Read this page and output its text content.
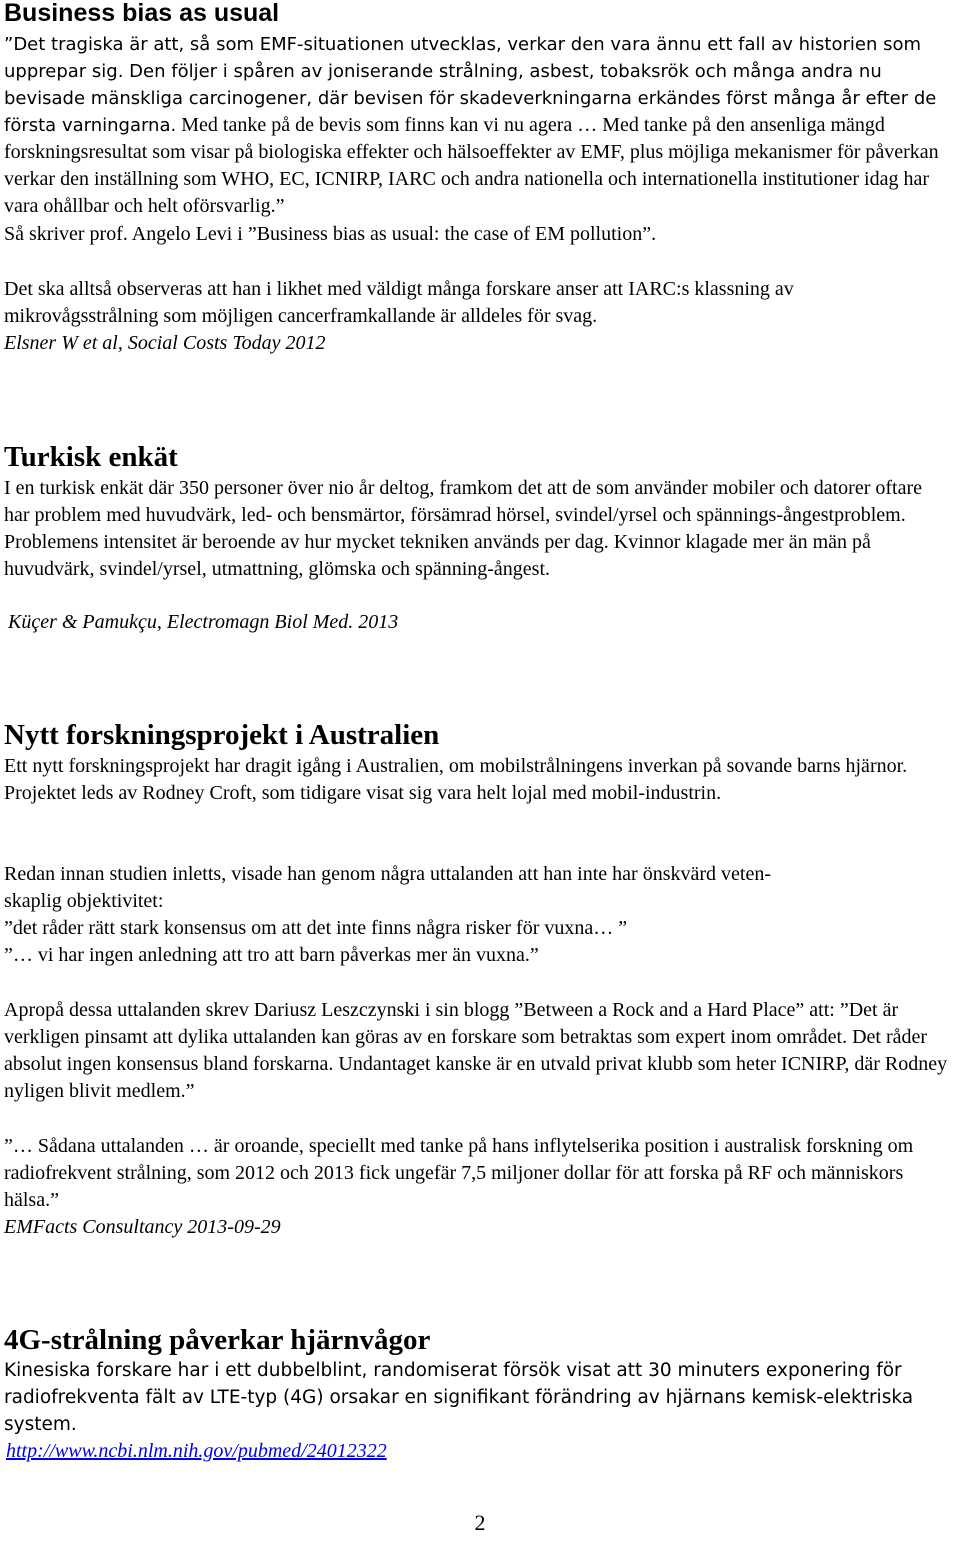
Business bias as usual

”Det tragiska är att, så som EMF-situationen utvecklas, verkar den vara ännu ett fall av historien som upprepar sig. Den följer i spåren av joniserande strålning, asbest, tobaksrök och många andra nu bevisade mänskliga carcinogener, där bevisen för skadeverkningarna erkändes först många år efter de första varningarna. Med tanke på de bevis som finns kan vi nu agera … Med tanke på den ansenliga mängd forskningsresultat som visar på biologiska effekter och hälsoeffekter av EMF, plus möjliga mekanismer för påverkan verkar den inställning som WHO, EC, ICNIRP, IARC och andra nationella och internationella institutioner idag har vara ohållbar och helt oförsvarlig.”

Så skriver prof. Angelo Levi i ”Business bias as usual: the case of EM pollution”.

Det ska alltså observeras att han i likhet med väldigt många forskare anser att IARC:s klassning av mikrovågsstrålning som möjligen cancerframkallande är alldeles för svag.

Elsner W et al, Social Costs Today 2012

Turkisk enkät

I en turkisk enkät där 350 personer över nio år deltog, framkom det att de som använder mobiler och datorer oftare har problem med huvudvärk, led- och bensmärtor, försämrad hörsel, svindel/yrsel och spännings-ångestproblem. Problemens intensitet är beroende av hur mycket tekniken används per dag. Kvinnor klagade mer än män på huvudvärk, svindel/yrsel, utmattning, glömska och spänning-ångest.

Küçer & Pamukçu, Electromagn Biol Med. 2013

Nytt forskningsprojekt i Australien

Ett nytt forskningsprojekt har dragit igång i Australien, om mobilstrålningens inverkan på sovande barns hjärnor. Projektet leds av Rodney Croft, som tidigare visat sig vara helt lojal med mobil-industrin.

Redan innan studien inletts, visade han genom några uttalanden att han inte har önskvärd veten-
skaplig objektivitet:

”det råder rätt stark konsensus om att det inte finns några risker för vuxna… ”
”… vi har ingen anledning att tro att barn påverkas mer än vuxna.”

Apropå dessa uttalanden skrev Dariusz Leszczynski i sin blogg ”Between a Rock and a Hard Place” att: ”Det är verkligen pinsamt att dylika uttalanden kan göras av en forskare som betraktas som expert inom området. Det råder absolut ingen konsensus bland forskarna. Undantaget kanske är en utvald privat klubb som heter ICNIRP, där Rodney nyligen blivit medlem.”

”… Sådana uttalanden … är oroande, speciellt med tanke på hans inflytelserika position i australisk forskning om radiofrekvent strålning, som 2012 och 2013 fick ungefär 7,5 miljoner dollar för att forska på RF och människors hälsa.”

EMFacts Consultancy 2013-09-29

4G-strålning påverkar hjärnvågor

Kinesiska forskare har i ett dubbelblint, randomiserat försök visat att 30 minuters exponering för radiofrekventa fält av LTE-typ (4G) orsakar en signifikant förändring av hjärnans kemisk-elektriska system.

http://www.ncbi.nlm.nih.gov/pubmed/24012322
2
